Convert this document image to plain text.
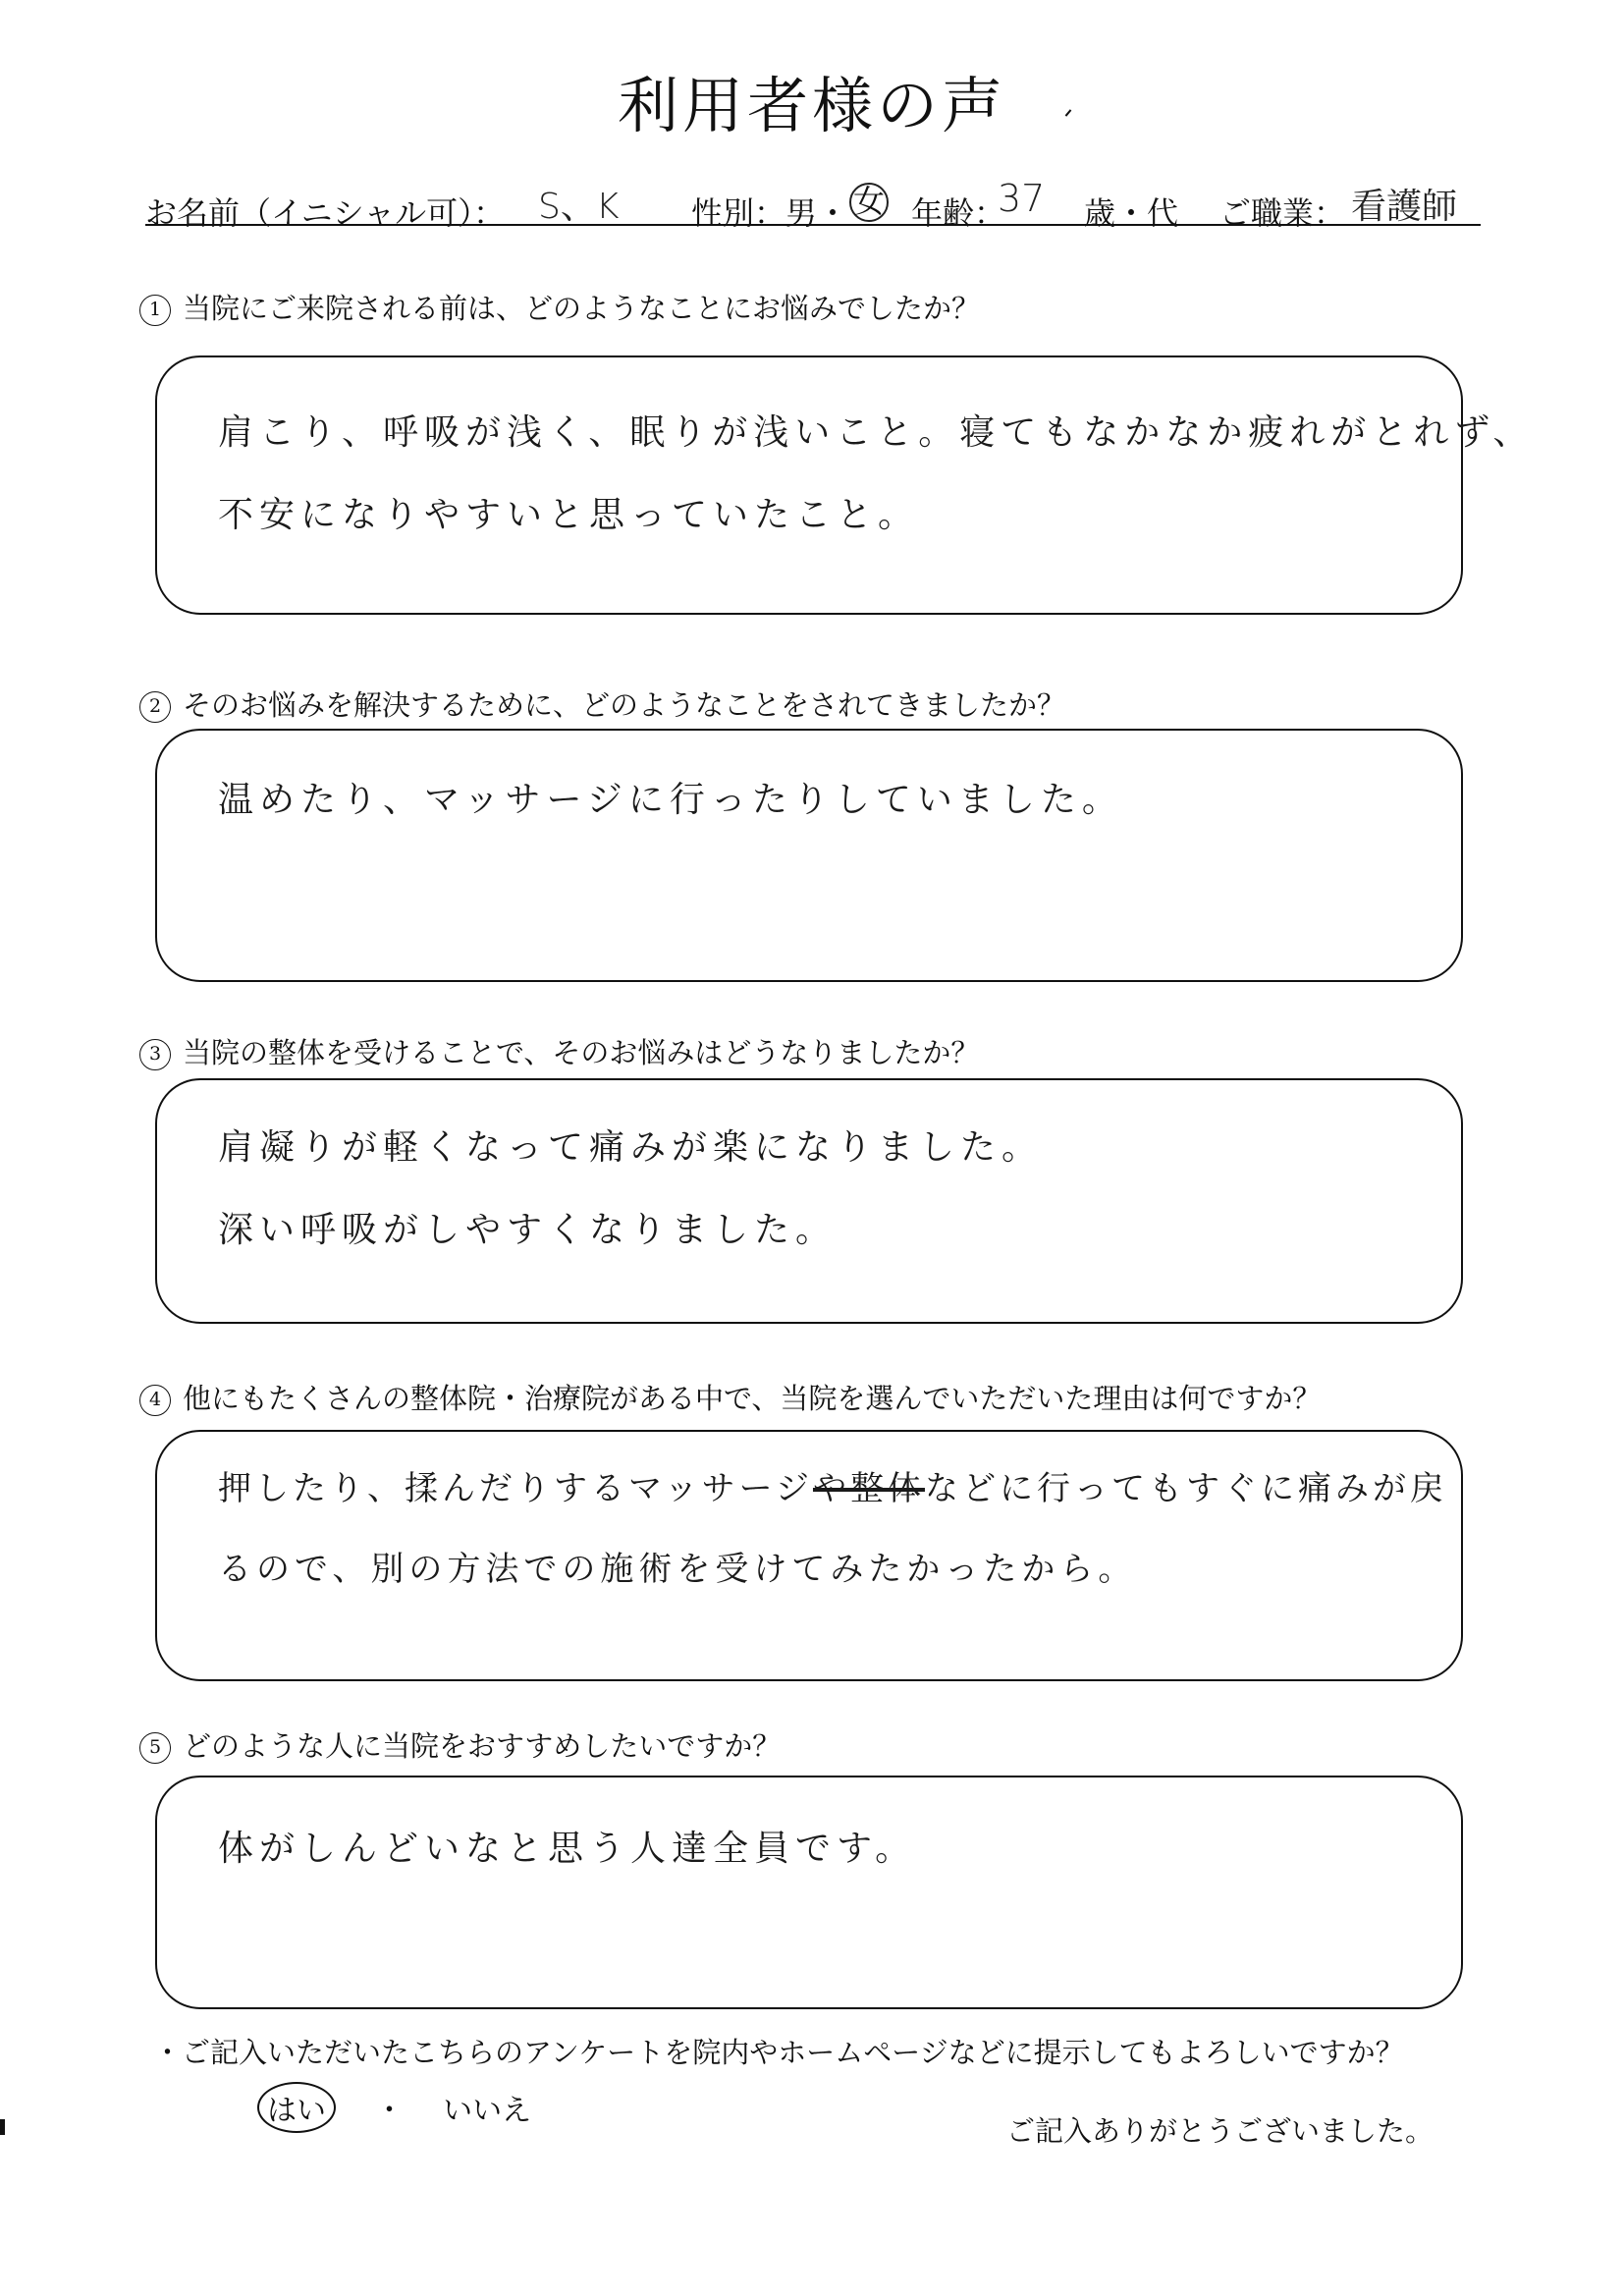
利用者様の声
お名前（イニシャル可）： S、K 性別：男・ 女 年齢：
37 歳・代 ご職業： 看護師
1 当院にご来院される前は、どのようなことにお悩みでしたか？
肩こり、呼吸が浅く、眠りが浅いこと。寝てもなかなか疲れがとれず、
不安になりやすいと思っていたこと。
2 そのお悩みを解決するために、どのようなことをされてきましたか？
温めたり、マッサージに行ったりしていました。
3 当院の整体を受けることで、そのお悩みはどうなりましたか？
肩凝りが軽くなって痛みが楽になりました。
深い呼吸がしやすくなりました。
4 他にもたくさんの整体院・治療院がある中で、当院を選んでいただいた理由は何ですか？
押したり、揉んだりするマッサージや整体などに行ってもすぐに痛みが戻
るので、別の方法での施術を受けてみたかったから。
5 どのような人に当院をおすすめしたいですか？
体がしんどいなと思う人達全員です。
・ご記入いただいたこちらのアンケートを院内やホームページなどに提示してもよろしいですか？
はい ・ いいえ
ご記入ありがとうございました。
